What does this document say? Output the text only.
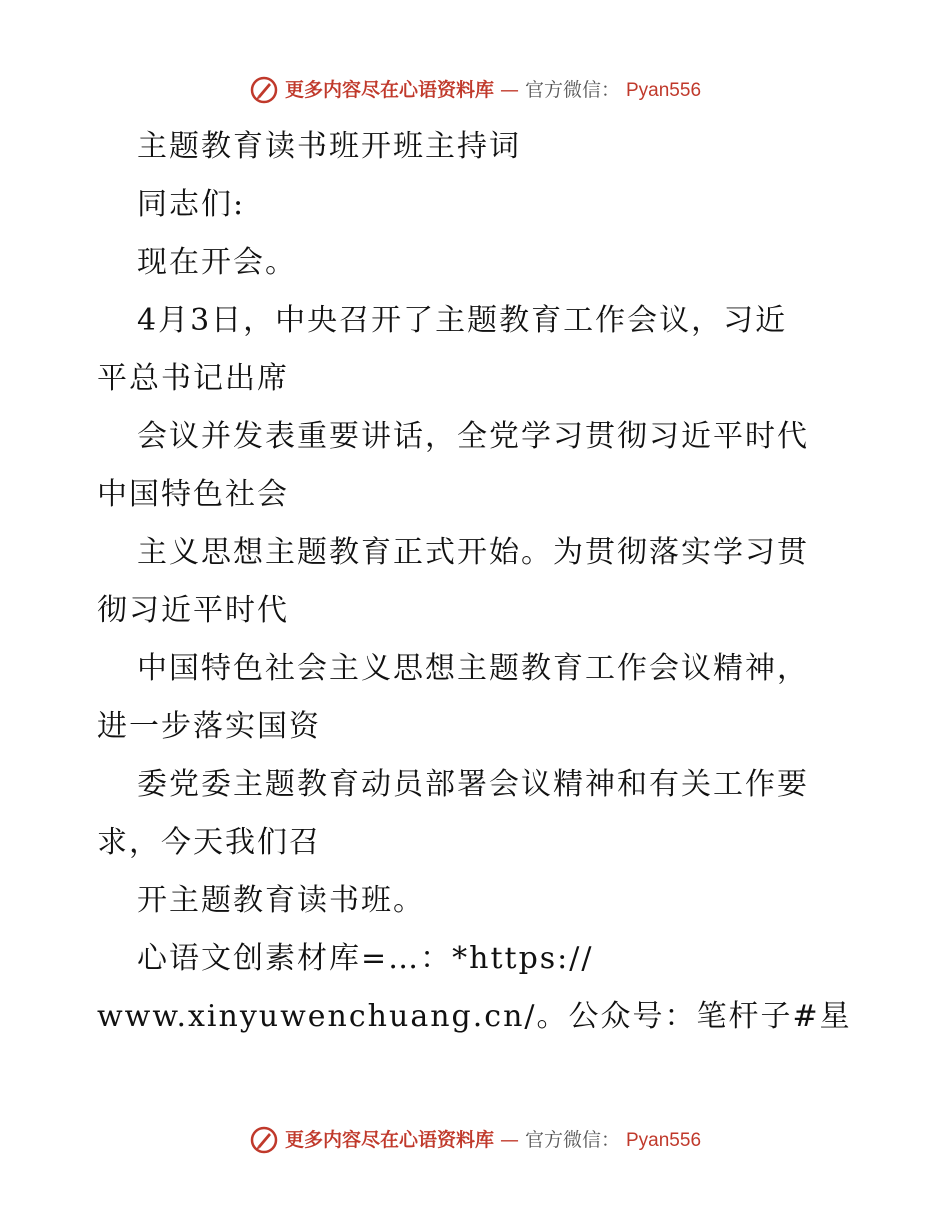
更多内容尽在心语资料库 — 官方微信： Pyan556
主题教育读书班开班主持词
同志们:
现在开会。
4月3日，中央召开了主题教育工作会议，习近
平总书记出席
会议并发表重要讲话，全党学习贯彻习近平时代
中国特色社会
主义思想主题教育正式开始。为贯彻落实学习贯
彻习近平时代
中国特色社会主义思想主题教育工作会议精神，
进一步落实国资
委党委主题教育动员部署会议精神和有关工作要
求，今天我们召
开主题教育读书班。
心语文创素材库=…：*https://
www.xinyuwenchuang.cn/。公众号：笔杆子#星
更多内容尽在心语资料库 — 官方微信： Pyan556
